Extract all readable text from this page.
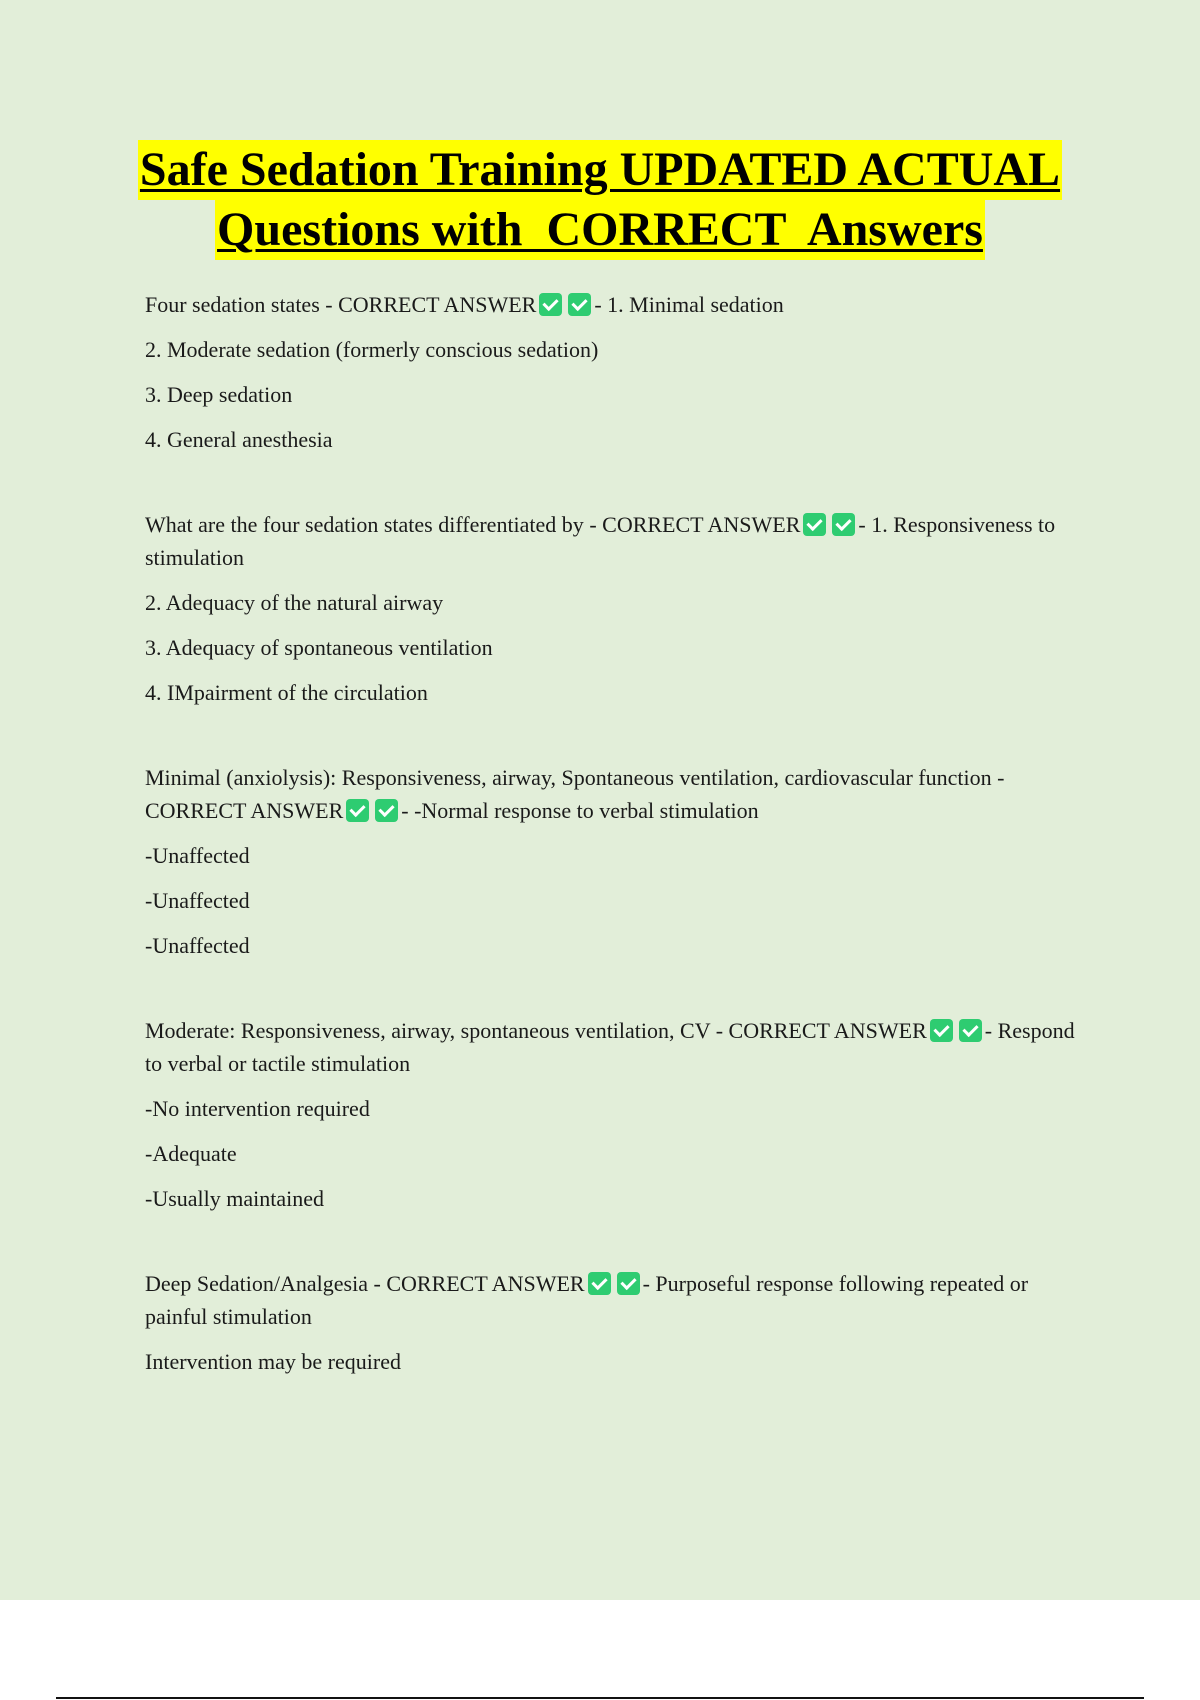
Safe Sedation Training UPDATED ACTUAL
Questions with  CORRECT  Answers

Four sedation states - CORRECT ANSWER	- 1. Minimal sedation

2. Moderate sedation (formerly conscious sedation)

3. Deep sedation

4. General anesthesia

What are the four sedation states differentiated by - CORRECT ANSWER	- 1. Responsiveness to stimulation

2. Adequacy of the natural airway

3. Adequacy of spontaneous ventilation

4. IMpairment of the circulation

Minimal (anxiolysis): Responsiveness, airway, Spontaneous ventilation, cardiovascular function - CORRECT ANSWER	- -Normal response to verbal stimulation

-Unaffected

-Unaffected

-Unaffected

Moderate: Responsiveness, airway, spontaneous ventilation, CV - CORRECT ANSWER	- Respond to verbal or tactile stimulation

-No intervention required

-Adequate

-Usually maintained

Deep Sedation/Analgesia - CORRECT ANSWER	- Purposeful response following repeated or painful stimulation

Intervention may be required
